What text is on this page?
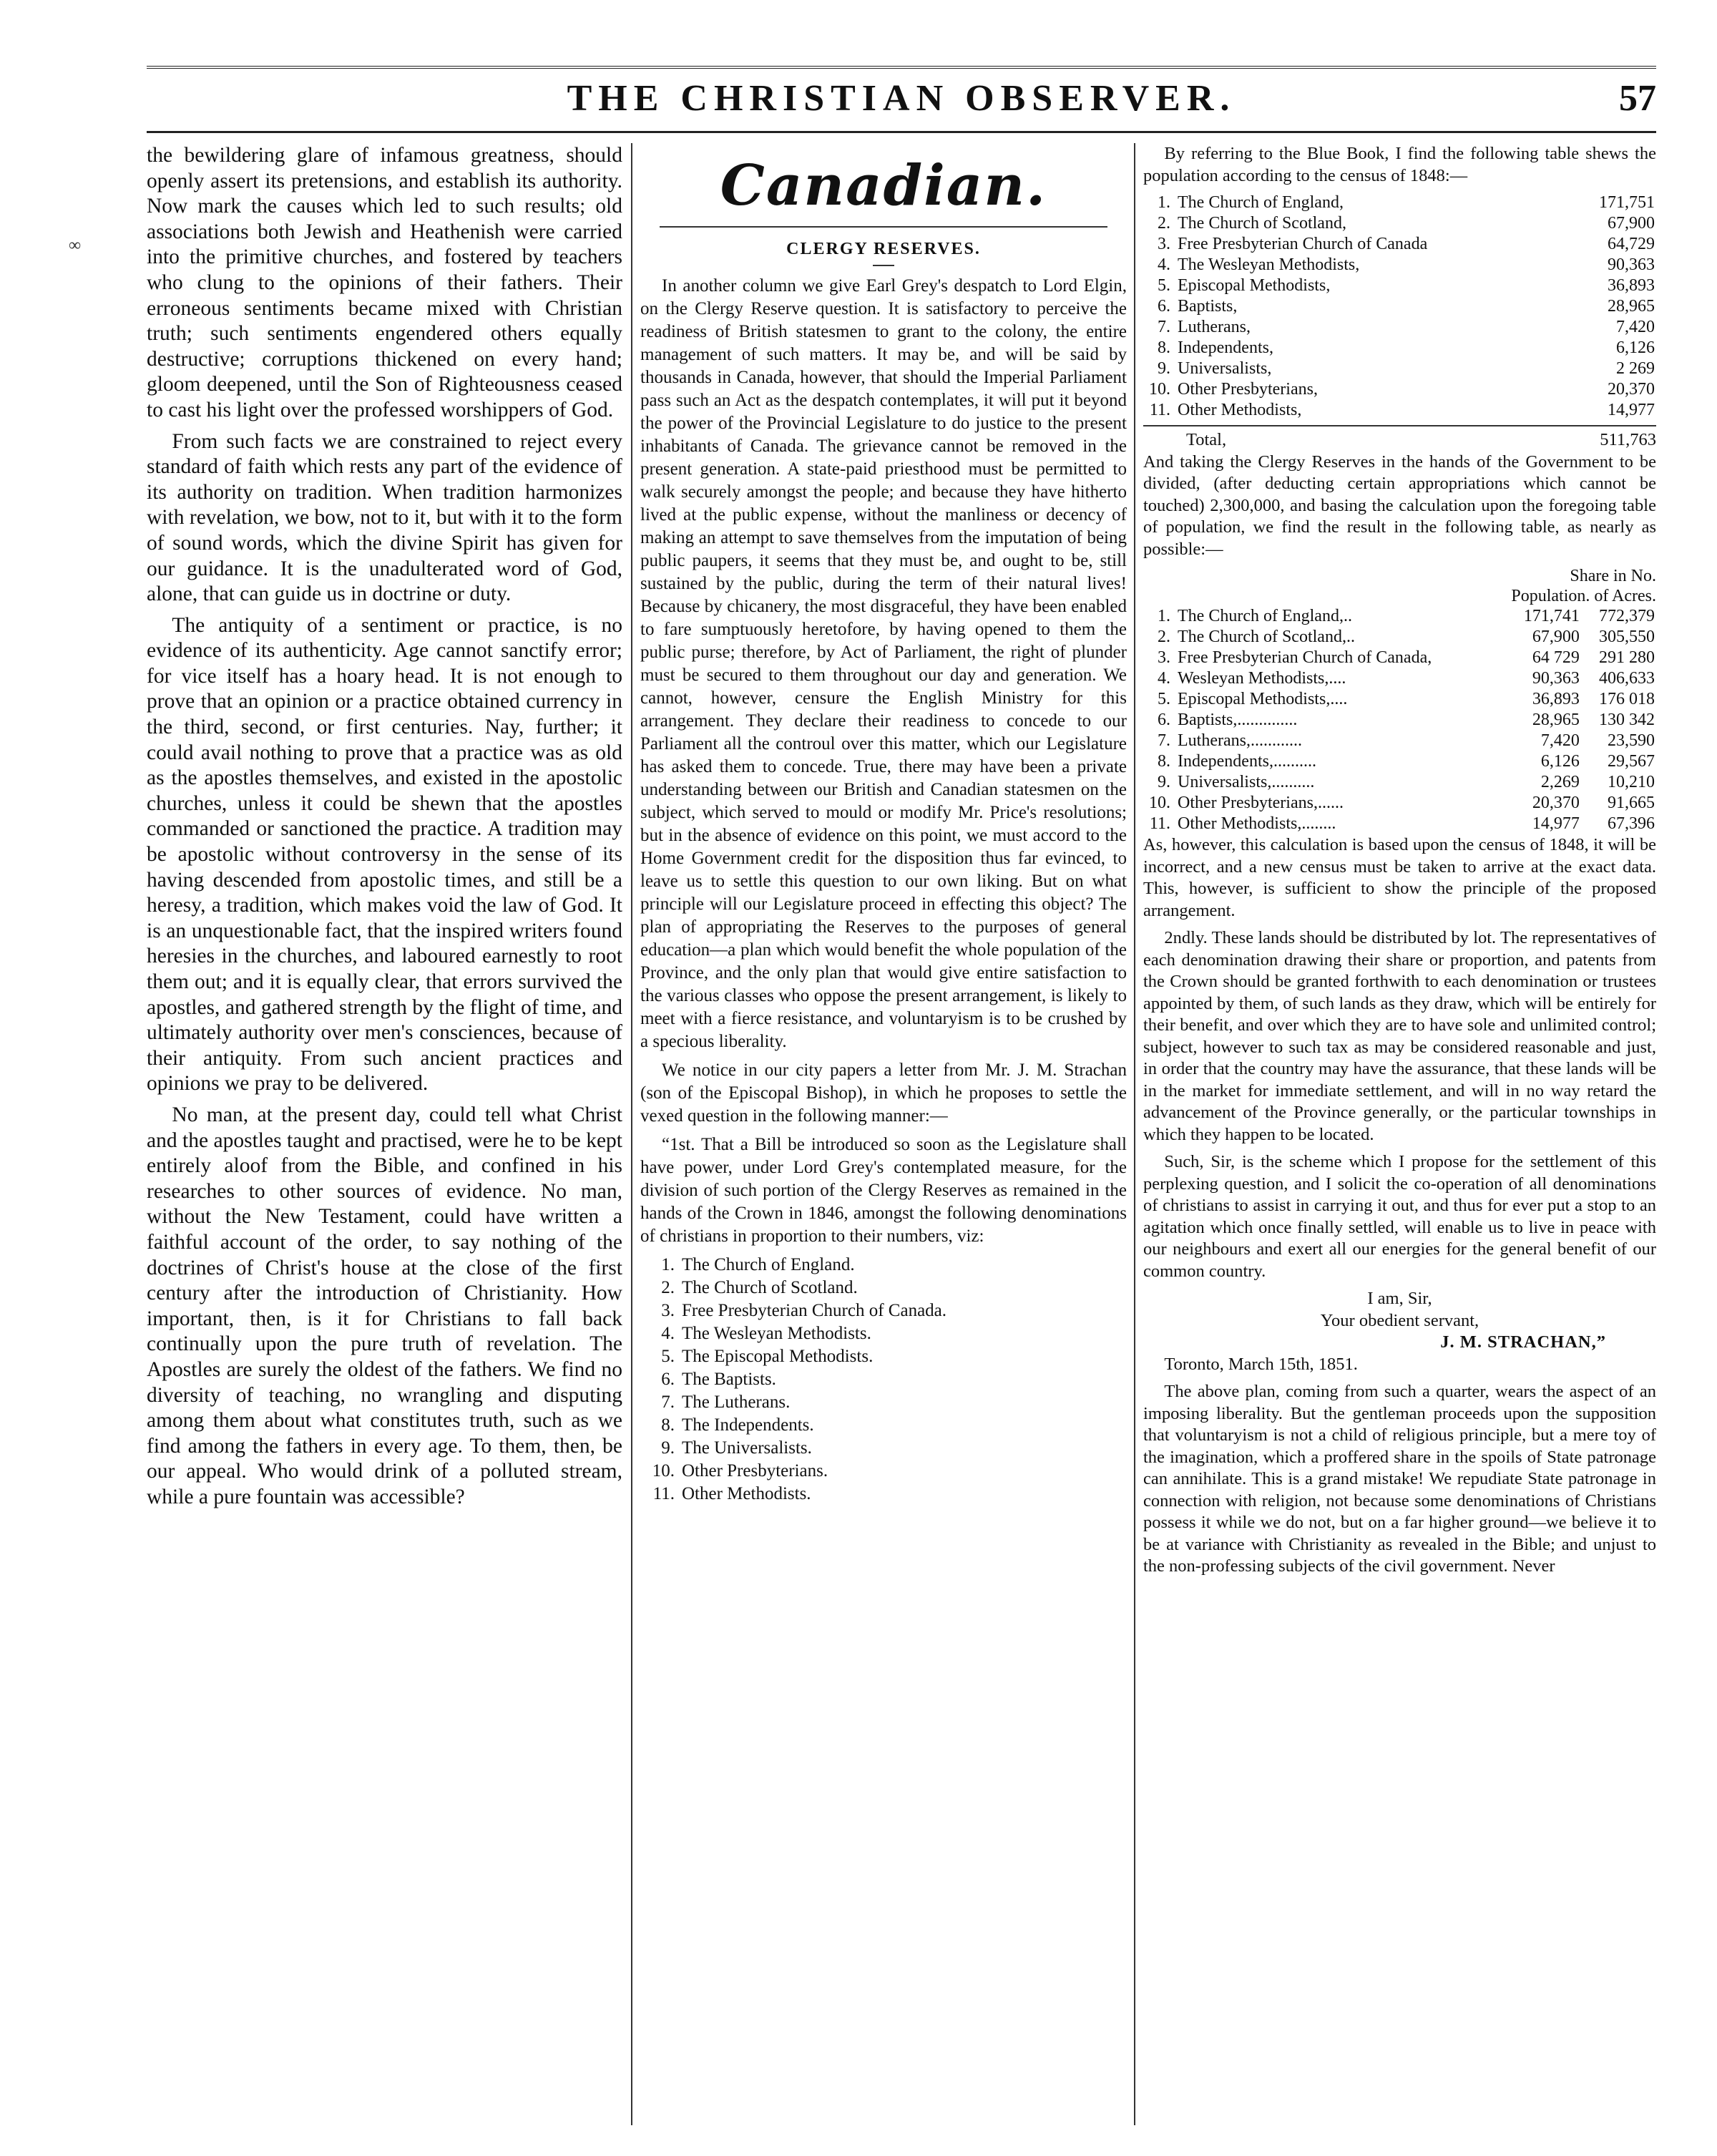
THE CHRISTIAN OBSERVER.	57
∞

the bewildering glare of infamous greatness, should openly assert its pretensions, and establish its authority. Now mark the causes which led to such results; old associations both Jewish and Heathenish were carried into the primitive churches, and fostered by teachers who clung to the opinions of their fathers. Their erroneous sentiments became mixed with Christian truth; such sentiments engendered others equally destructive; corruptions thickened on every hand; gloom deepened, until the Son of Righteousness ceased to cast his light over the professed worshippers of God.

From such facts we are constrained to reject every standard of faith which rests any part of the evidence of its authority on tradition. When tradition harmonizes with revelation, we bow, not to it, but with it to the form of sound words, which the divine Spirit has given for our guidance. It is the unadulterated word of God, alone, that can guide us in doctrine or duty.

The antiquity of a sentiment or practice, is no evidence of its authenticity. Age cannot sanctify error; for vice itself has a hoary head. It is not enough to prove that an opinion or a practice obtained currency in the third, second, or first centuries. Nay, further; it could avail nothing to prove that a practice was as old as the apostles themselves, and existed in the apostolic churches, unless it could be shewn that the apostles commanded or sanctioned the practice. A tradition may be apostolic without controversy in the sense of its having descended from apostolic times, and still be a heresy, a tradition, which makes void the law of God. It is an unquestionable fact, that the inspired writers found heresies in the churches, and laboured earnestly to root them out; and it is equally clear, that errors survived the apostles, and gathered strength by the flight of time, and ultimately authority over men's consciences, because of their antiquity. From such ancient practices and opinions we pray to be delivered.

No man, at the present day, could tell what Christ and the apostles taught and practised, were he to be kept entirely aloof from the Bible, and confined in his researches to other sources of evidence. No man, without the New Testament, could have written a faithful account of the order, to say nothing of the doctrines of Christ's house at the close of the first century after the introduction of Christianity. How important, then, is it for Christians to fall back continually upon the pure truth of revelation. The Apostles are surely the oldest of the fathers. We find no diversity of teaching, no wrangling and disputing among them about what constitutes truth, such as we find among the fathers in every age. To them, then, be our appeal. Who would drink of a polluted stream, while a pure fountain was accessible?

Canadian.
CLERGY RESERVES.

In another column we give Earl Grey's despatch to Lord Elgin, on the Clergy Reserve question. It is satisfactory to perceive the readiness of British statesmen to grant to the colony, the entire management of such matters. It may be, and will be said by thousands in Canada, however, that should the Imperial Parliament pass such an Act as the despatch contemplates, it will put it beyond the power of the Provincial Legislature to do justice to the present inhabitants of Canada. The grievance cannot be removed in the present generation. A state-paid priesthood must be permitted to walk securely amongst the people; and because they have hitherto lived at the public expense, without the manliness or decency of making an attempt to save themselves from the imputation of being public paupers, it seems that they must be, and ought to be, still sustained by the public, during the term of their natural lives! Because by chicanery, the most disgraceful, they have been enabled to fare sumptuously heretofore, by having opened to them the public purse; therefore, by Act of Parliament, the right of plunder must be secured to them throughout our day and generation. We cannot, however, censure the English Ministry for this arrangement. They declare their readiness to concede to our Parliament all the controul over this matter, which our Legislature has asked them to concede. True, there may have been a private understanding between our British and Canadian statesmen on the subject, which served to mould or modify Mr. Price's resolutions; but in the absence of evidence on this point, we must accord to the Home Government credit for the disposition thus far evinced, to leave us to settle this question to our own liking. But on what principle will our Legislature proceed in effecting this object? The plan of appropriating the Reserves to the purposes of general education—a plan which would benefit the whole population of the Province, and the only plan that would give entire satisfaction to the various classes who oppose the present arrangement, is likely to meet with a fierce resistance, and voluntaryism is to be crushed by a specious liberality.

We notice in our city papers a letter from Mr. J. M. Strachan (son of the Episcopal Bishop), in which he proposes to settle the vexed question in the following manner:—

“1st. That a Bill be introduced so soon as the Legislature shall have power, under Lord Grey's contemplated measure, for the division of such portion of the Clergy Reserves as remained in the hands of the Crown in 1846, amongst the following denominations of christians in proportion to their numbers, viz:

1. The Church of England.
2. The Church of Scotland.
3. Free Presbyterian Church of Canada.
4. The Wesleyan Methodists.
5. The Episcopal Methodists.
6. The Baptists.
7. The Lutherans.
8. The Independents.
9. The Universalists.
10. Other Presbyterians.
11. Other Methodists.

By referring to the Blue Book, I find the following table shews the population according to the census of 1848:—

1.	The Church of England,	171,751
2.	The Church of Scotland,	67,900
3.	Free Presbyterian Church of Canada	64,729
4.	The Wesleyan Methodists,	90,363
5.	Episcopal Methodists,	36,893
6.	Baptists,	28,965
7.	Lutherans,	7,420
8.	Independents,	6,126
9.	Universalists,	2 269
10.	Other Presbyterians,	20,370
11.	Other Methodists,	14,977
Total,	511,763

And taking the Clergy Reserves in the hands of the Government to be divided, (after deducting certain appropriations which cannot be touched) 2,300,000, and basing the calculation upon the foregoing table of population, we find the result in the following table, as nearly as possible:—

Share in No.
Population. of Acres.
1.	The Church of England,..	171,741	772,379
2.	The Church of Scotland,..	67,900	305,550
3.	Free Presbyterian Church of Canada,	64 729	291 280
4.	Wesleyan Methodists,....	90,363	406,633
5.	Episcopal Methodists,....	36,893	176 018
6.	Baptists,..............	28,965	130 342
7.	Lutherans,............	7,420	23,590
8.	Independents,..........	6,126	29,567
9.	Universalists,..........	2,269	10,210
10.	Other Presbyterians,......	20,370	91,665
11.	Other Methodists,........	14,977	67,396

As, however, this calculation is based upon the census of 1848, it will be incorrect, and a new census must be taken to arrive at the exact data. This, however, is sufficient to show the principle of the proposed arrangement.

2ndly. These lands should be distributed by lot. The representatives of each denomination drawing their share or proportion, and patents from the Crown should be granted forthwith to each denomination or trustees appointed by them, of such lands as they draw, which will be entirely for their benefit, and over which they are to have sole and unlimited control; subject, however to such tax as may be considered reasonable and just, in order that the country may have the assurance, that these lands will be in the market for immediate settlement, and will in no way retard the advancement of the Province generally, or the particular townships in which they happen to be located.

Such, Sir, is the scheme which I propose for the settlement of this perplexing question, and I solicit the co-operation of all denominations of christians to assist in carrying it out, and thus for ever put a stop to an agitation which once finally settled, will enable us to live in peace with our neighbours and exert all our energies for the general benefit of our common country.

I am, Sir,
Your obedient servant,
J. M. STRACHAN,”

Toronto, March 15th, 1851.

The above plan, coming from such a quarter, wears the aspect of an imposing liberality. But the gentleman proceeds upon the supposition that voluntaryism is not a child of religious principle, but a mere toy of the imagination, which a proffered share in the spoils of State patronage can annihilate. This is a grand mistake! We repudiate State patronage in connection with religion, not because some denominations of Christians possess it while we do not, but on a far higher ground—we believe it to be at variance with Christianity as revealed in the Bible; and unjust to the non-professing subjects of the civil government. Never
